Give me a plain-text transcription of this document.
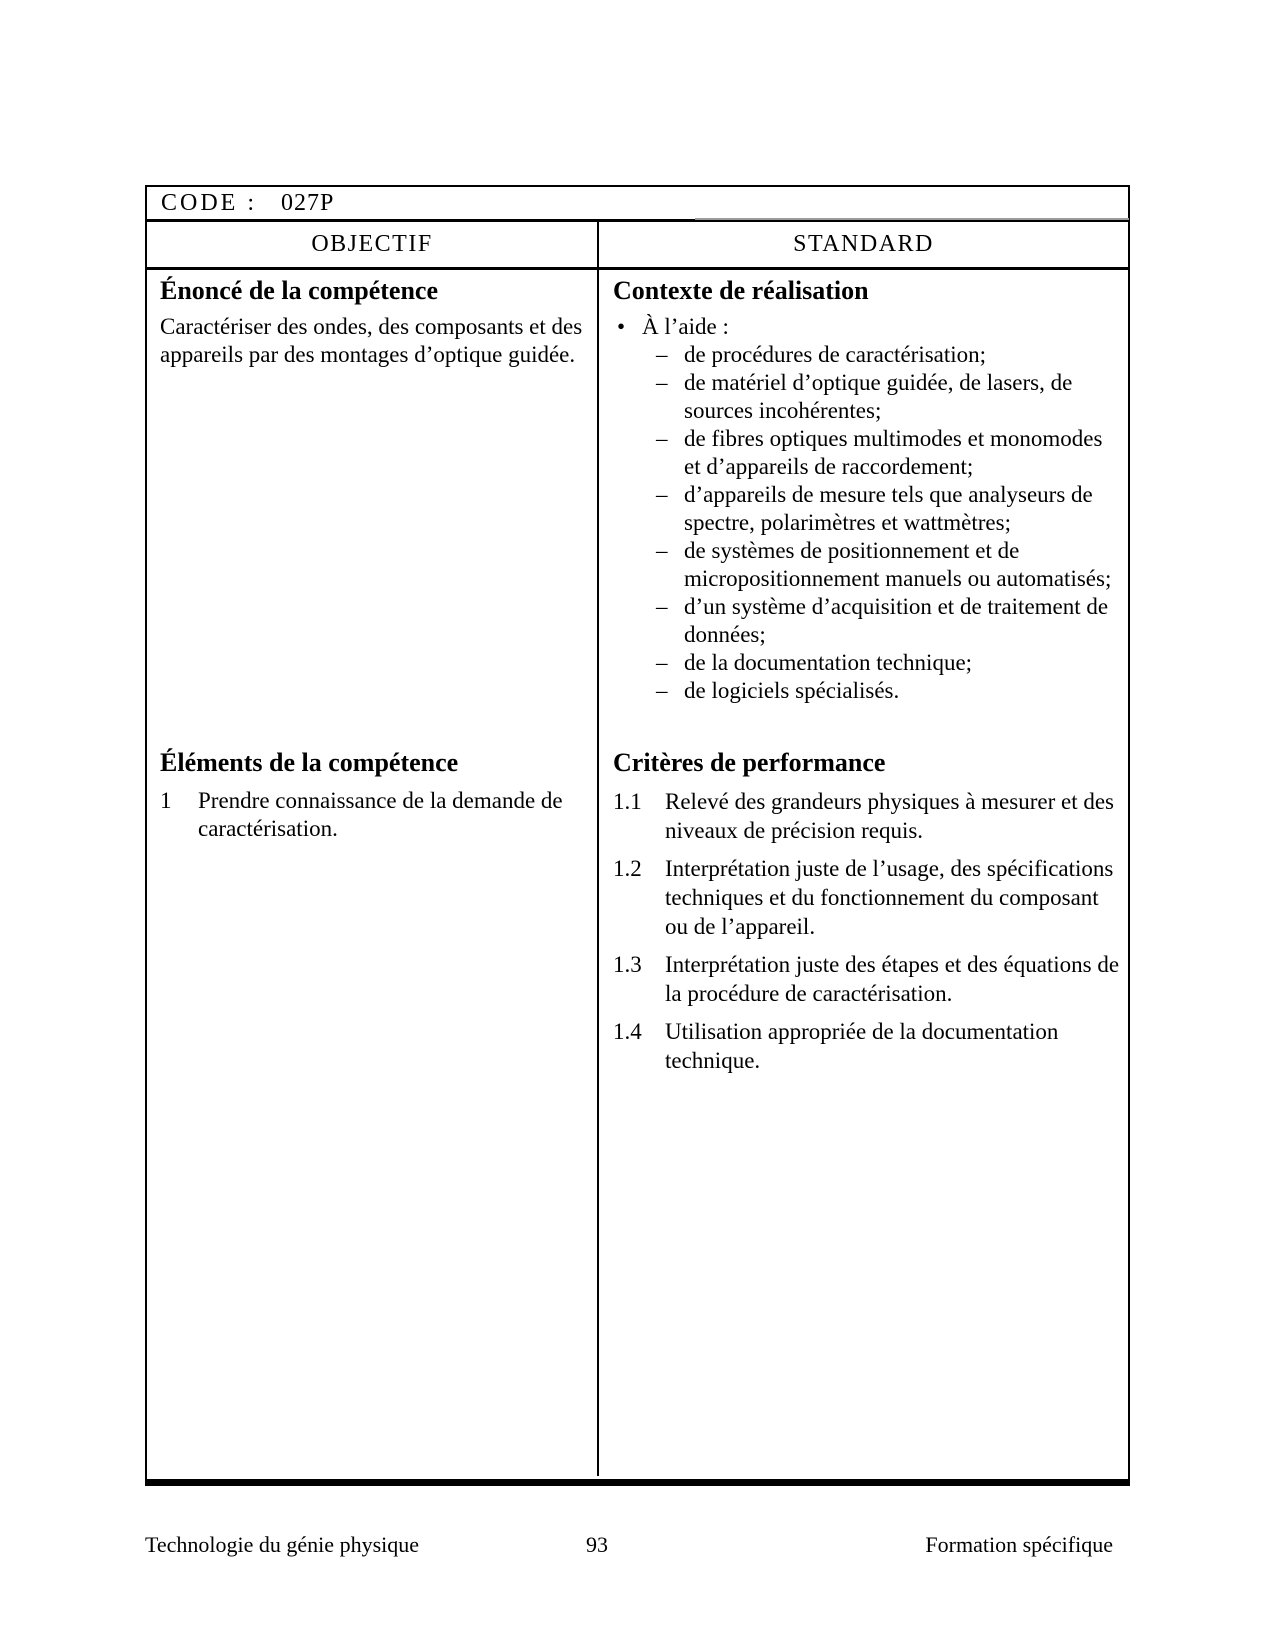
CODE : 027P
OBJECTIF	STANDARD
Énoncé de la compétence

Caractériser des ondes, des composants et des appareils par des montages d’optique guidée.

Éléments de la compétence
1	Prendre connaissance de la demande de caractérisation.
Contexte de réalisation
• À l’aide :
– de procédures de caractérisation;
– de matériel d’optique guidée, de lasers, de sources incohérentes;
– de fibres optiques multimodes et monomodes et d’appareils de raccordement;
– d’appareils de mesure tels que analyseurs de spectre, polarimètres et wattmètres;
– de systèmes de positionnement et de micropositionnement manuels ou automatisés;
– d’un système d’acquisition et de traitement de données;
– de la documentation technique;
– de logiciels spécialisés.
Critères de performance
1.1	Relevé des grandeurs physiques à mesurer et des niveaux de précision requis.
1.2	Interprétation juste de l’usage, des spécifications techniques et du fonctionnement du composant ou de l’appareil.
1.3	Interprétation juste des étapes et des équations de la procédure de caractérisation.
1.4	Utilisation appropriée de la documentation technique.
Technologie du génie physique	93	Formation spécifique
